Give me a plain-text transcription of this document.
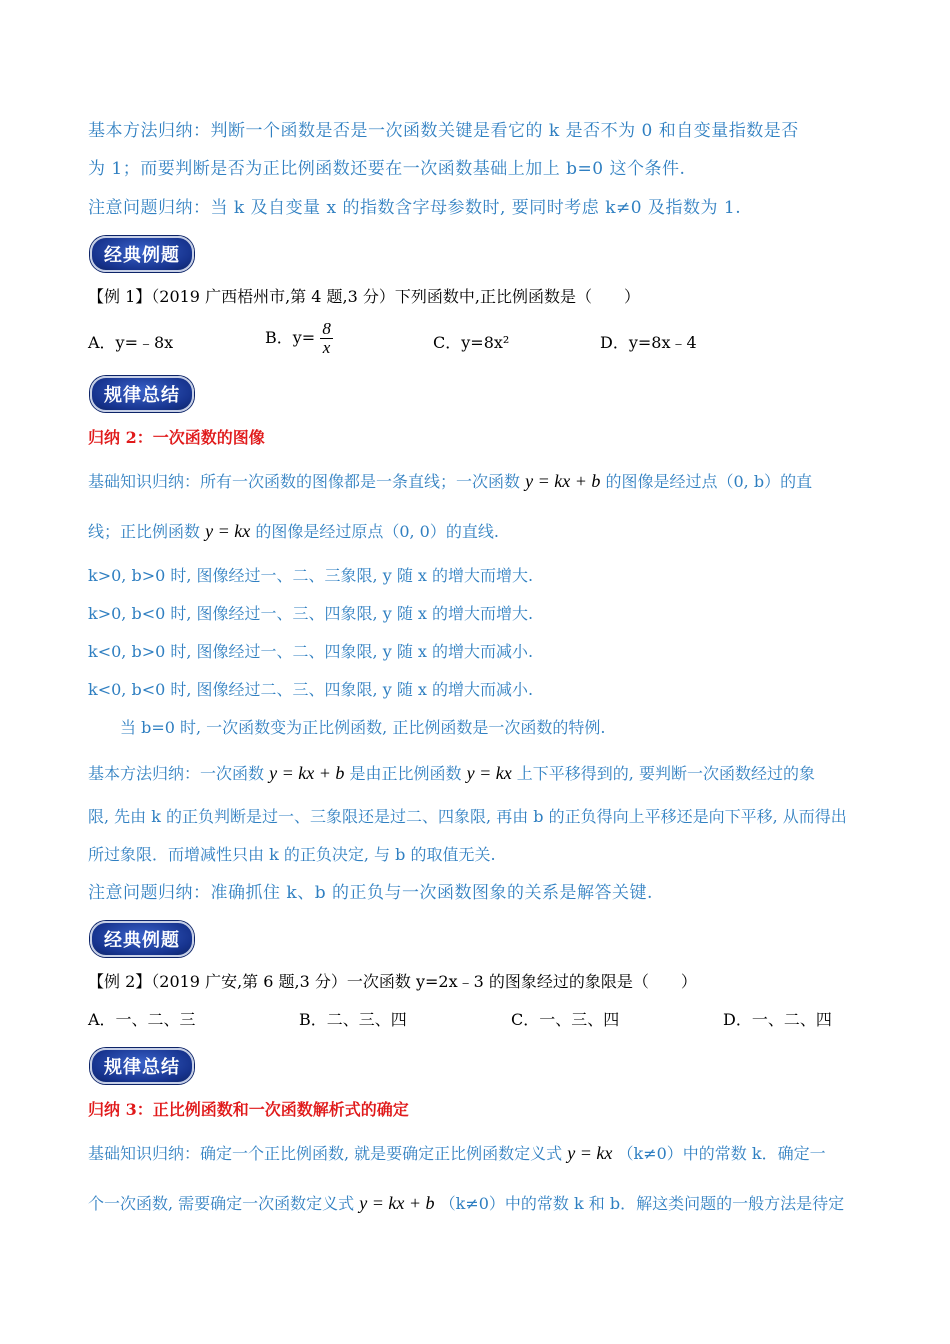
基本方法归纳：判断一个函数是否是一次函数关键是看它的 k 是否不为 0 和自变量指数是否
为 1；而要判断是否为正比例函数还要在一次函数基础上加上 b=0 这个条件.
注意问题归纳：当 k 及自变量 x 的指数含字母参数时, 要同时考虑 k≠0 及指数为 1.
经典例题
【例 1】（2019 广西梧州市,第 4 题,3 分）下列函数中,正比例函数是（　　）
A．y=﹣8x	B．$y= \frac{8}{x}$	C．y=8x²	D．y=8x﹣4
规律总结
归纳 2：一次函数的图像
基础知识归纳：所有一次函数的图像都是一条直线；一次函数 y = kx + b 的图像是经过点（0, b）的直
线；正比例函数 y = kx 的图像是经过原点（0, 0）的直线.
k>0, b>0 时, 图像经过一、二、三象限, y 随 x 的增大而增大.
k>0, b<0 时, 图像经过一、三、四象限, y 随 x 的增大而增大.
k<0, b>0 时, 图像经过一、二、四象限, y 随 x 的增大而减小.
k<0, b<0 时, 图像经过二、三、四象限, y 随 x 的增大而减小.
当 b=0 时, 一次函数变为正比例函数, 正比例函数是一次函数的特例.
基本方法归纳：一次函数 y = kx + b 是由正比例函数 y = kx 上下平移得到的, 要判断一次函数经过的象
限, 先由 k 的正负判断是过一、三象限还是过二、四象限, 再由 b 的正负得向上平移还是向下平移, 从而得出
所过象限．而增减性只由 k 的正负决定, 与 b 的取值无关.
注意问题归纳：准确抓住 k、b 的正负与一次函数图象的关系是解答关键.
经典例题
【例 2】（2019 广安,第 6 题,3 分）一次函数 y=2x﹣3 的图象经过的象限是（　　）
A．一、二、三	B．二、三、四	C．一、三、四	D．一、二、四
规律总结
归纳 3：正比例函数和一次函数解析式的确定
基础知识归纳：确定一个正比例函数, 就是要确定正比例函数定义式 y = kx （k≠0）中的常数 k．确定一
个一次函数, 需要确定一次函数定义式 y = kx + b （k≠0）中的常数 k 和 b．解这类问题的一般方法是待定
